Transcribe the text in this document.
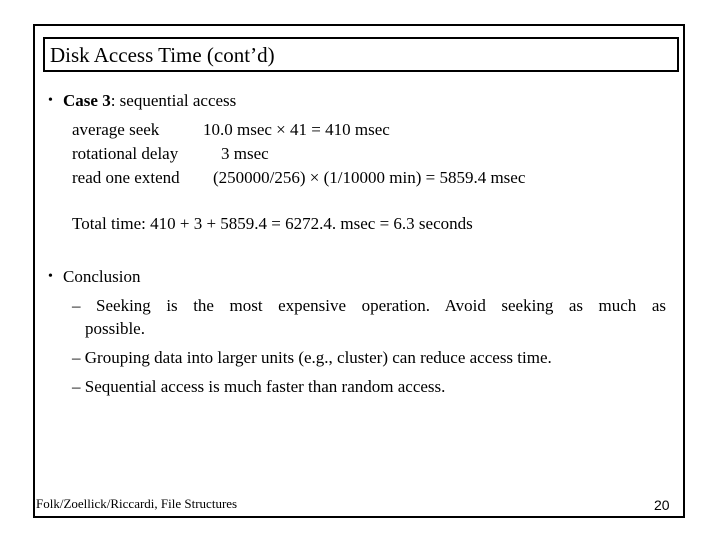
Disk Access Time (cont’d)
• Case 3: sequential access
average seek	10.0 msec × 41 = 410 msec
rotational delay	3 msec
read one extend (250000/256) × (1/10000 min) = 5859.4 msec
Total time: 410 + 3 + 5859.4 = 6272.4. msec = 6.3 seconds
• Conclusion
– Seeking is the most expensive operation. Avoid seeking as much as
possible.
– Grouping data into larger units (e.g., cluster) can reduce access time.
– Sequential access is much faster than random access.
Folk/Zoellick/Riccardi, File Structures	20
